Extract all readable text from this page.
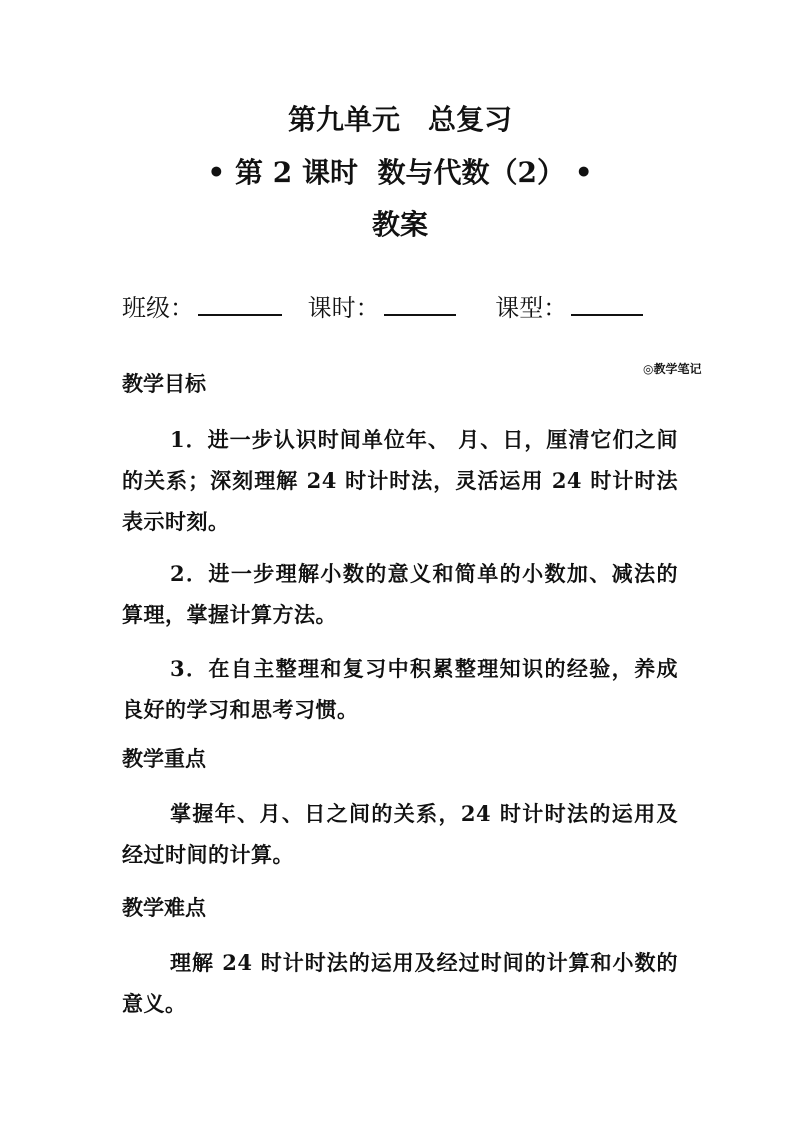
第九单元　总复习
• 第 2 课时  数与代数（2） •
教案
班级：	课时：	课型：
◎教学笔记
教学目标
1．进一步认识时间单位年、 月、日，厘清它们之间的关系；深刻理解 24 时计时法，灵活运用 24 时计时法表示时刻。
2．进一步理解小数的意义和简单的小数加、减法的算理，掌握计算方法。
3．在自主整理和复习中积累整理知识的经验，养成良好的学习和思考习惯。
教学重点
掌握年、月、日之间的关系，24 时计时法的运用及经过时间的计算。
教学难点
理解 24 时计时法的运用及经过时间的计算和小数的意义。
